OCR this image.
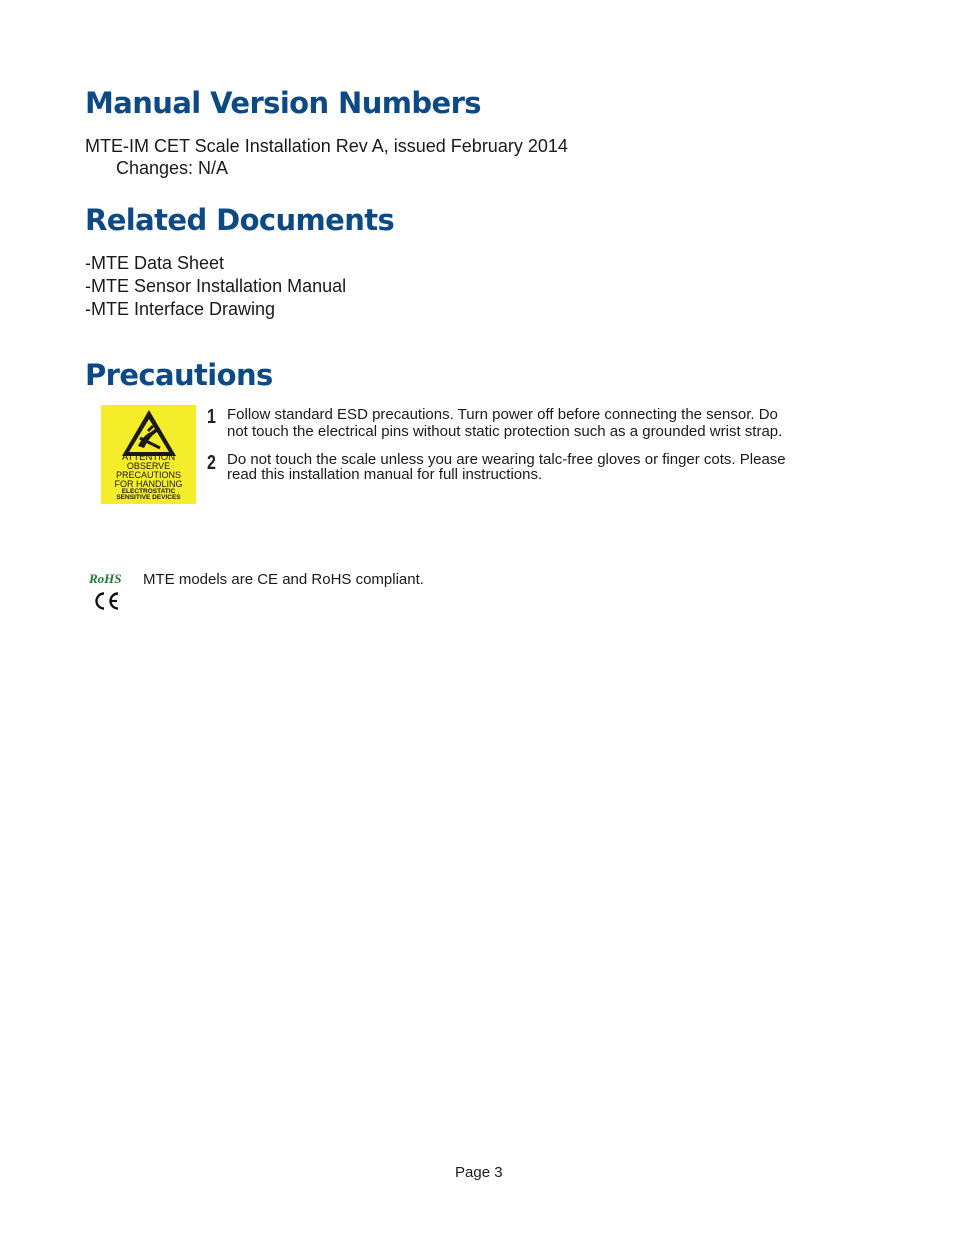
Manual Version Numbers

MTE-IM CET Scale Installation Rev A, issued February 2014

Changes: N/A

Related Documents

-MTE Data Sheet

-MTE Sensor Installation Manual

-MTE Interface Drawing

Precautions
ATTENTION
OBSERVE
PRECAUTIONS
FOR HANDLING
ELECTROSTATIC
SENSITIVE DEVICES
1 Follow standard ESD precautions. Turn power off before connecting the sensor. Do not touch the electrical pins without static protection such as a grounded wrist strap.

2 Do not touch the scale unless you are wearing talc-free gloves or finger cots. Please read this installation manual for full instructions.

RoHS MTE models are CE and RoHS compliant.

Page 3
